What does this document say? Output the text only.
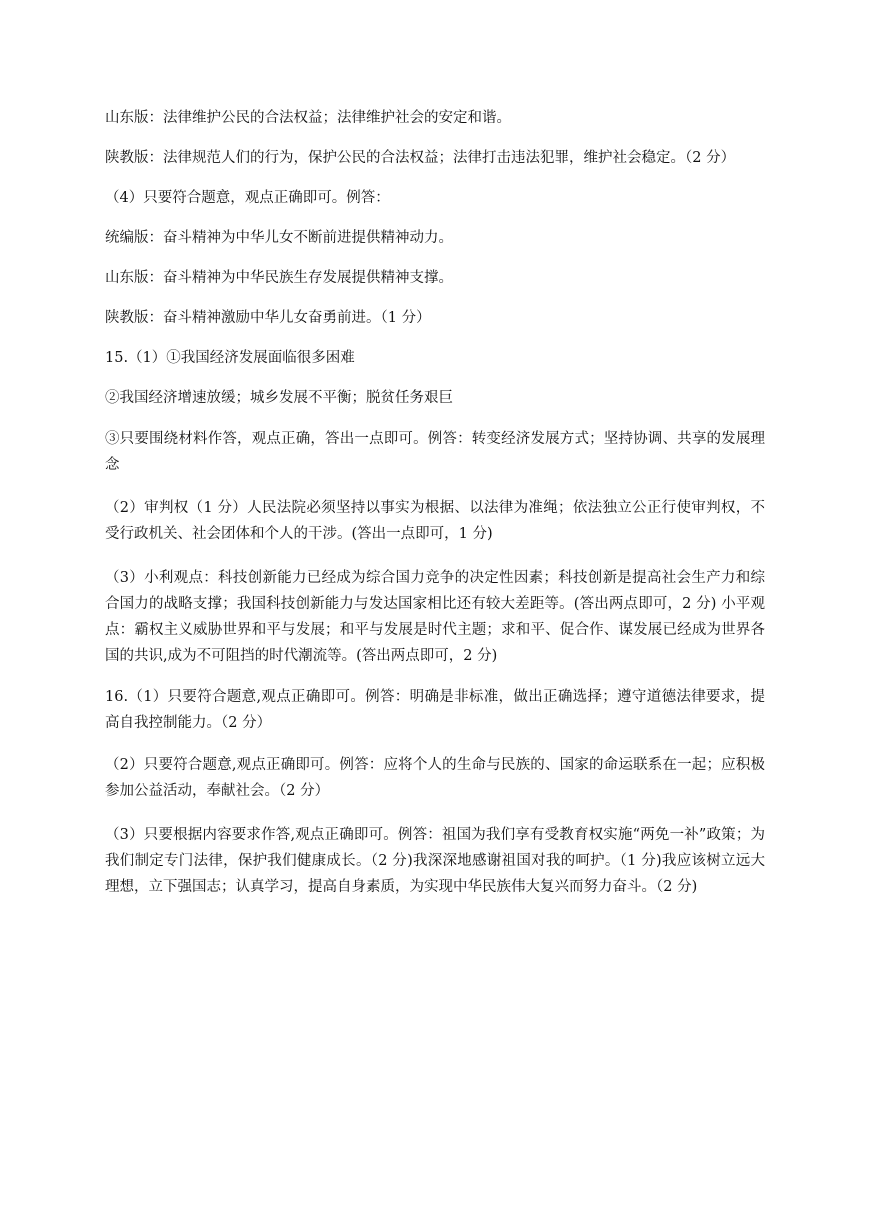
山东版：法律维护公民的合法权益；法律维护社会的安定和谐。
陕教版：法律规范人们的行为，保护公民的合法权益；法律打击违法犯罪，维护社会稳定。（2 分）
（4）只要符合题意，观点正确即可。例答：
统编版：奋斗精神为中华儿女不断前进提供精神动力。
山东版：奋斗精神为中华民族生存发展提供精神支撑。
陕教版：奋斗精神激励中华儿女奋勇前进。（1 分）
15.（1）①我国经济发展面临很多困难
②我国经济增速放缓；城乡发展不平衡；脱贫任务艰巨
③只要围绕材料作答，观点正确，答出一点即可。例答：转变经济发展方式；坚持协调、共享的发展理念
（2）审判权（1 分）人民法院必须坚持以事实为根据、以法律为准绳；依法独立公正行使审判权，不受行政机关、社会团体和个人的干涉。(答出一点即可，1 分)
（3）小利观点：科技创新能力已经成为综合国力竞争的决定性因素；科技创新是提高社会生产力和综合国力的战略支撑；我国科技创新能力与发达国家相比还有较大差距等。(答出两点即可，2 分) 小平观点：霸权主义威胁世界和平与发展；和平与发展是时代主题；求和平、促合作、谋发展已经成为世界各国的共识,成为不可阻挡的时代潮流等。(答出两点即可，2 分)
16.（1）只要符合题意,观点正确即可。例答：明确是非标准，做出正确选择；遵守道德法律要求，提高自我控制能力。（2 分）
（2）只要符合题意,观点正确即可。例答：应将个人的生命与民族的、国家的命运联系在一起；应积极参加公益活动，奉献社会。（2 分）
（3）只要根据内容要求作答,观点正确即可。例答：祖国为我们享有受教育权实施“两免一补”政策；为我们制定专门法律，保护我们健康成长。（2 分)我深深地感谢祖国对我的呵护。（1 分)我应该树立远大理想，立下强国志；认真学习，提高自身素质，为实现中华民族伟大复兴而努力奋斗。（2 分)
